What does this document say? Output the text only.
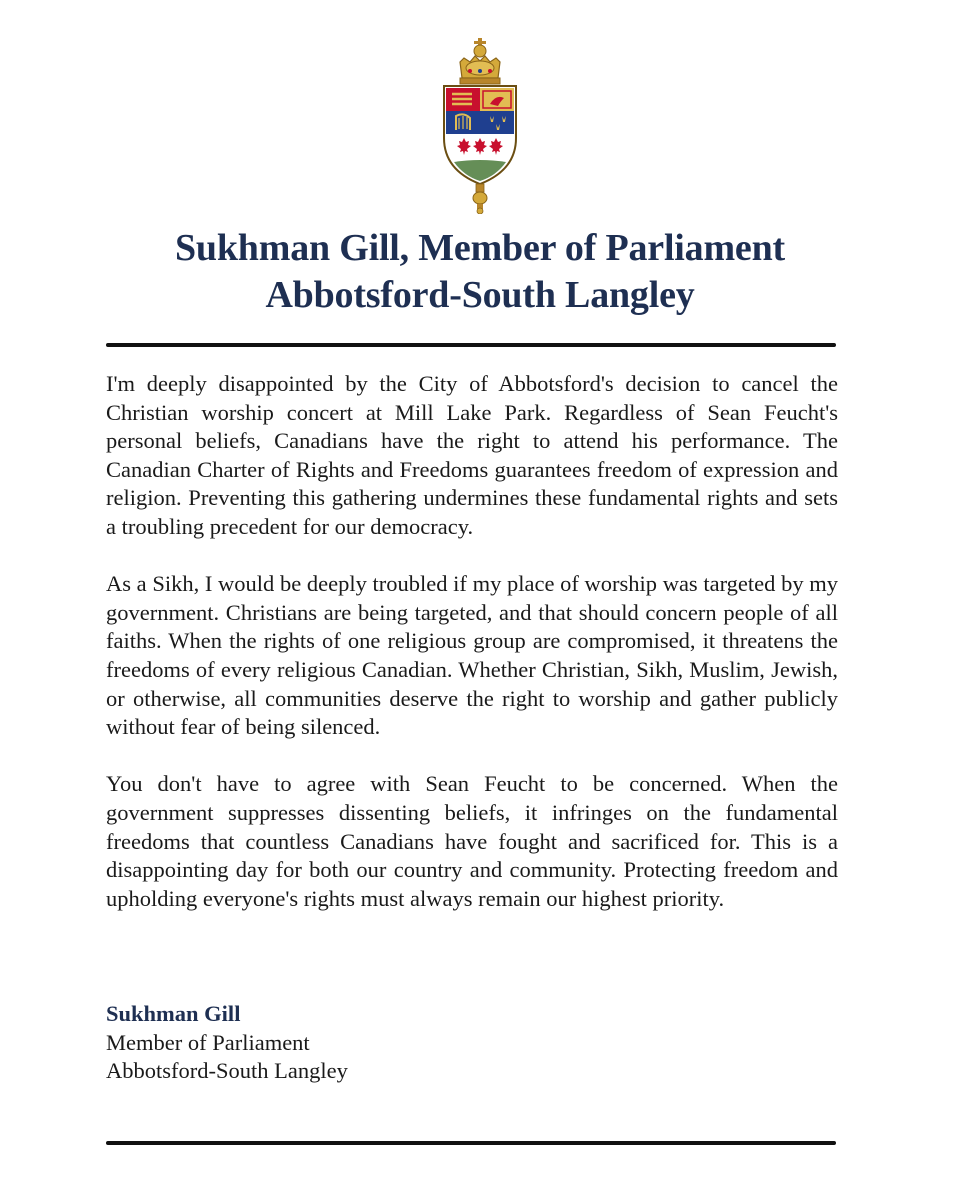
Sukhman Gill, Member of Parliament
Abbotsford-South Langley

I'm deeply disappointed by the City of Abbotsford's decision to cancel the Christian worship concert at Mill Lake Park. Regardless of Sean Feucht's personal beliefs, Canadians have the right to attend his performance. The Canadian Charter of Rights and Freedoms guarantees freedom of expression and religion. Preventing this gathering undermines these fundamental rights and sets a troubling precedent for our democracy.

As a Sikh, I would be deeply troubled if my place of worship was targeted by my government. Christians are being targeted, and that should concern people of all faiths. When the rights of one religious group are compromised, it threatens the freedoms of every religious Canadian. Whether Christian, Sikh, Muslim, Jewish, or otherwise, all communities deserve the right to worship and gather publicly without fear of being silenced.

You don't have to agree with Sean Feucht to be concerned. When the government suppresses dissenting beliefs, it infringes on the fundamental freedoms that countless Canadians have fought and sacrificed for. This is a disappointing day for both our country and community. Protecting freedom and upholding everyone's rights must always remain our highest priority.

Sukhman Gill
Member of Parliament
Abbotsford-South Langley
